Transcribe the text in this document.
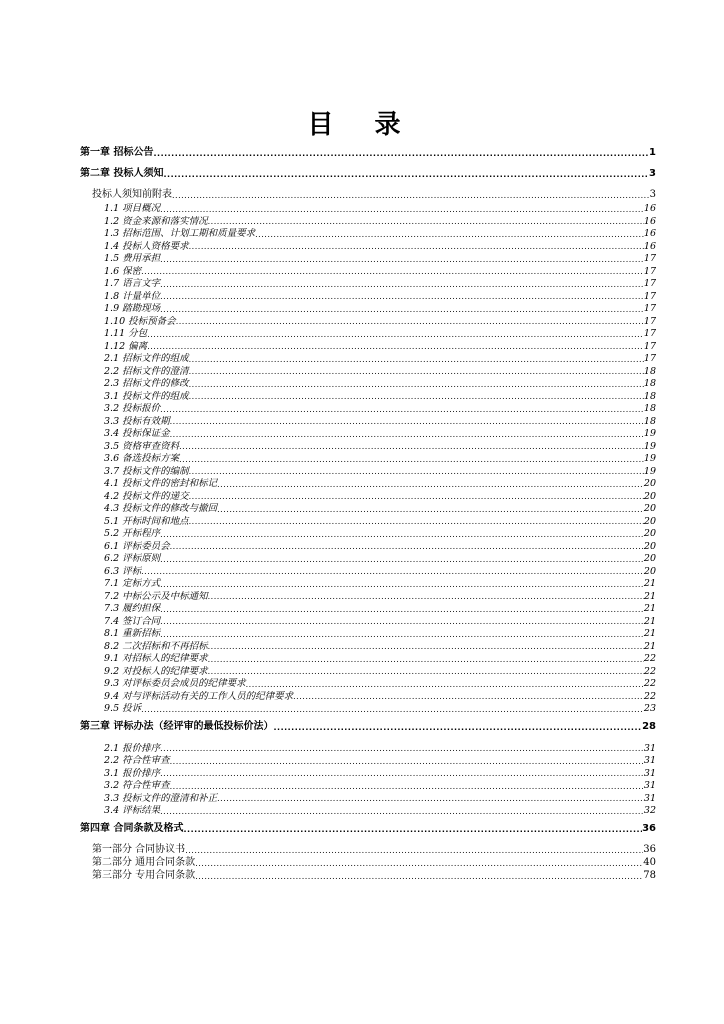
目 录
第一章 招标公告 .....	1
第二章 投标人须知 .....	3
投标人须知前附表 .....	3
1.1 项目概况 .....	16
1.2 资金来源和落实情况 .....	16
1.3 招标范围、计划工期和质量要求 .....	16
1.4 投标人资格要求 .....	16
1.5 费用承担 .....	17
1.6 保密 .....	17
1.7 语言文字 .....	17
1.8 计量单位 .....	17
1.9 踏勘现场 .....	17
1.10 投标预备会 .....	17
1.11 分包 .....	17
1.12 偏离 .....	17
2.1 招标文件的组成 .....	17
2.2 招标文件的澄清 .....	18
2.3 招标文件的修改 .....	18
3.1 投标文件的组成 .....	18
3.2 投标报价 .....	18
3.3 投标有效期 .....	18
3.4 投标保证金 .....	19
3.5 资格审查资料 .....	19
3.6 备选投标方案 .....	19
3.7 投标文件的编制 .....	19
4.1 投标文件的密封和标记 .....	20
4.2 投标文件的递交 .....	20
4.3 投标文件的修改与撤回 .....	20
5.1 开标时间和地点 .....	20
5.2 开标程序 .....	20
6.1 评标委员会 .....	20
6.2 评标原则 .....	20
6.3 评标 .....	20
7.1 定标方式 .....	21
7.2 中标公示及中标通知 .....	21
7.3 履约担保 .....	21
7.4 签订合同 .....	21
8.1 重新招标 .....	21
8.2 二次招标和不再招标 .....	21
9.1 对招标人的纪律要求 .....	22
9.2 对投标人的纪律要求 .....	22
9.3 对评标委员会成员的纪律要求 .....	22
9.4 对与评标活动有关的工作人员的纪律要求 .....	22
9.5 投诉 .....	23
第三章 评标办法（经评审的最低投标价法） .....	28
2.1 报价排序 .....	31
2.2 符合性审查 .....	31
3.1 报价排序 .....	31
3.2 符合性审查 .....	31
3.3 投标文件的澄清和补正 .....	31
3.4 评标结果 .....	32
第四章 合同条款及格式 .....	36
第一部分 合同协议书 .....	36
第二部分 通用合同条款 .....	40
第三部分 专用合同条款 .....	78
